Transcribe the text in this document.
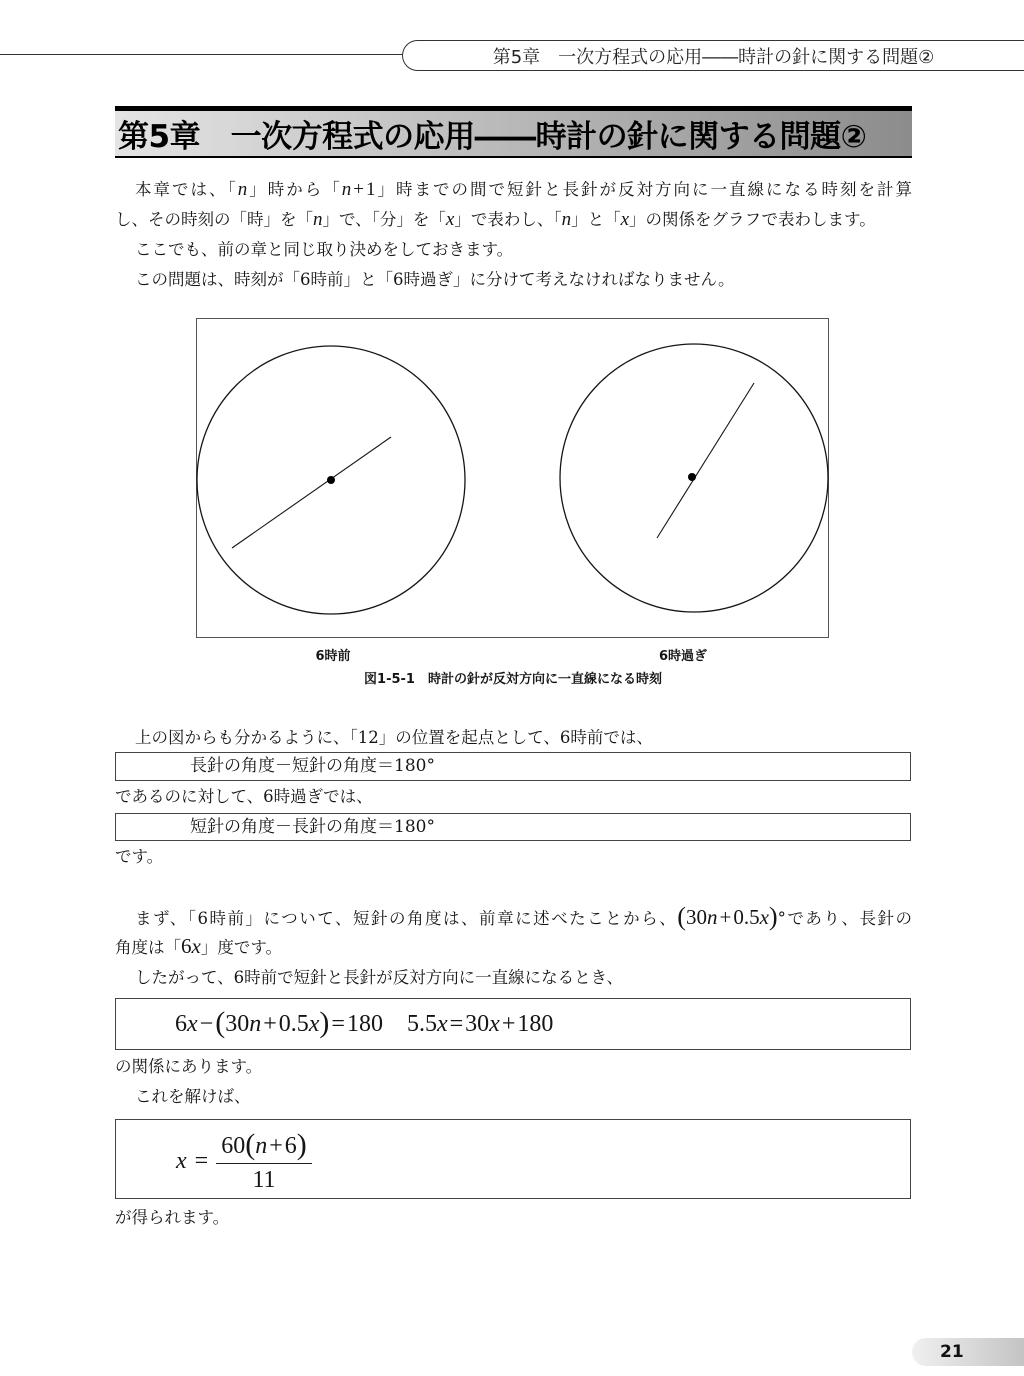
第5章　一次方程式の応用――時計の針に関する問題②
第5章　一次方程式の応用――時計の針に関する問題②
本章では、「n」時から「n + 1」時までの間で短針と長針が反対方向に一直線になる時刻を計算
し、その時刻の「時」を「n」で、「分」を「x」で表わし、「n」と「x」の関係をグラフで表わします。
ここでも、前の章と同じ取り決めをしておきます。
この問題は、時刻が「6時前」と「6時過ぎ」に分けて考えなければなりません。
6時前	6時過ぎ
図1-5-1　時計の針が反対方向に一直線になる時刻
上の図からも分かるように、「12」の位置を起点として、6時前では、
長針の角度－短針の角度＝180°
であるのに対して、6時過ぎでは、
短針の角度－長針の角度＝180°
です。
まず、「6時前」について、短針の角度は、前章に述べたことから、(30n+0.5x)°であり、長針の
角度は「6x」度です。
したがって、6時前で短針と長針が反対方向に一直線になるとき、
6x−(30n+0.5x)=180 5.5x=30x+180
の関係にあります。
これを解けば、
x =
60(n+6)
11
が得られます。
21
